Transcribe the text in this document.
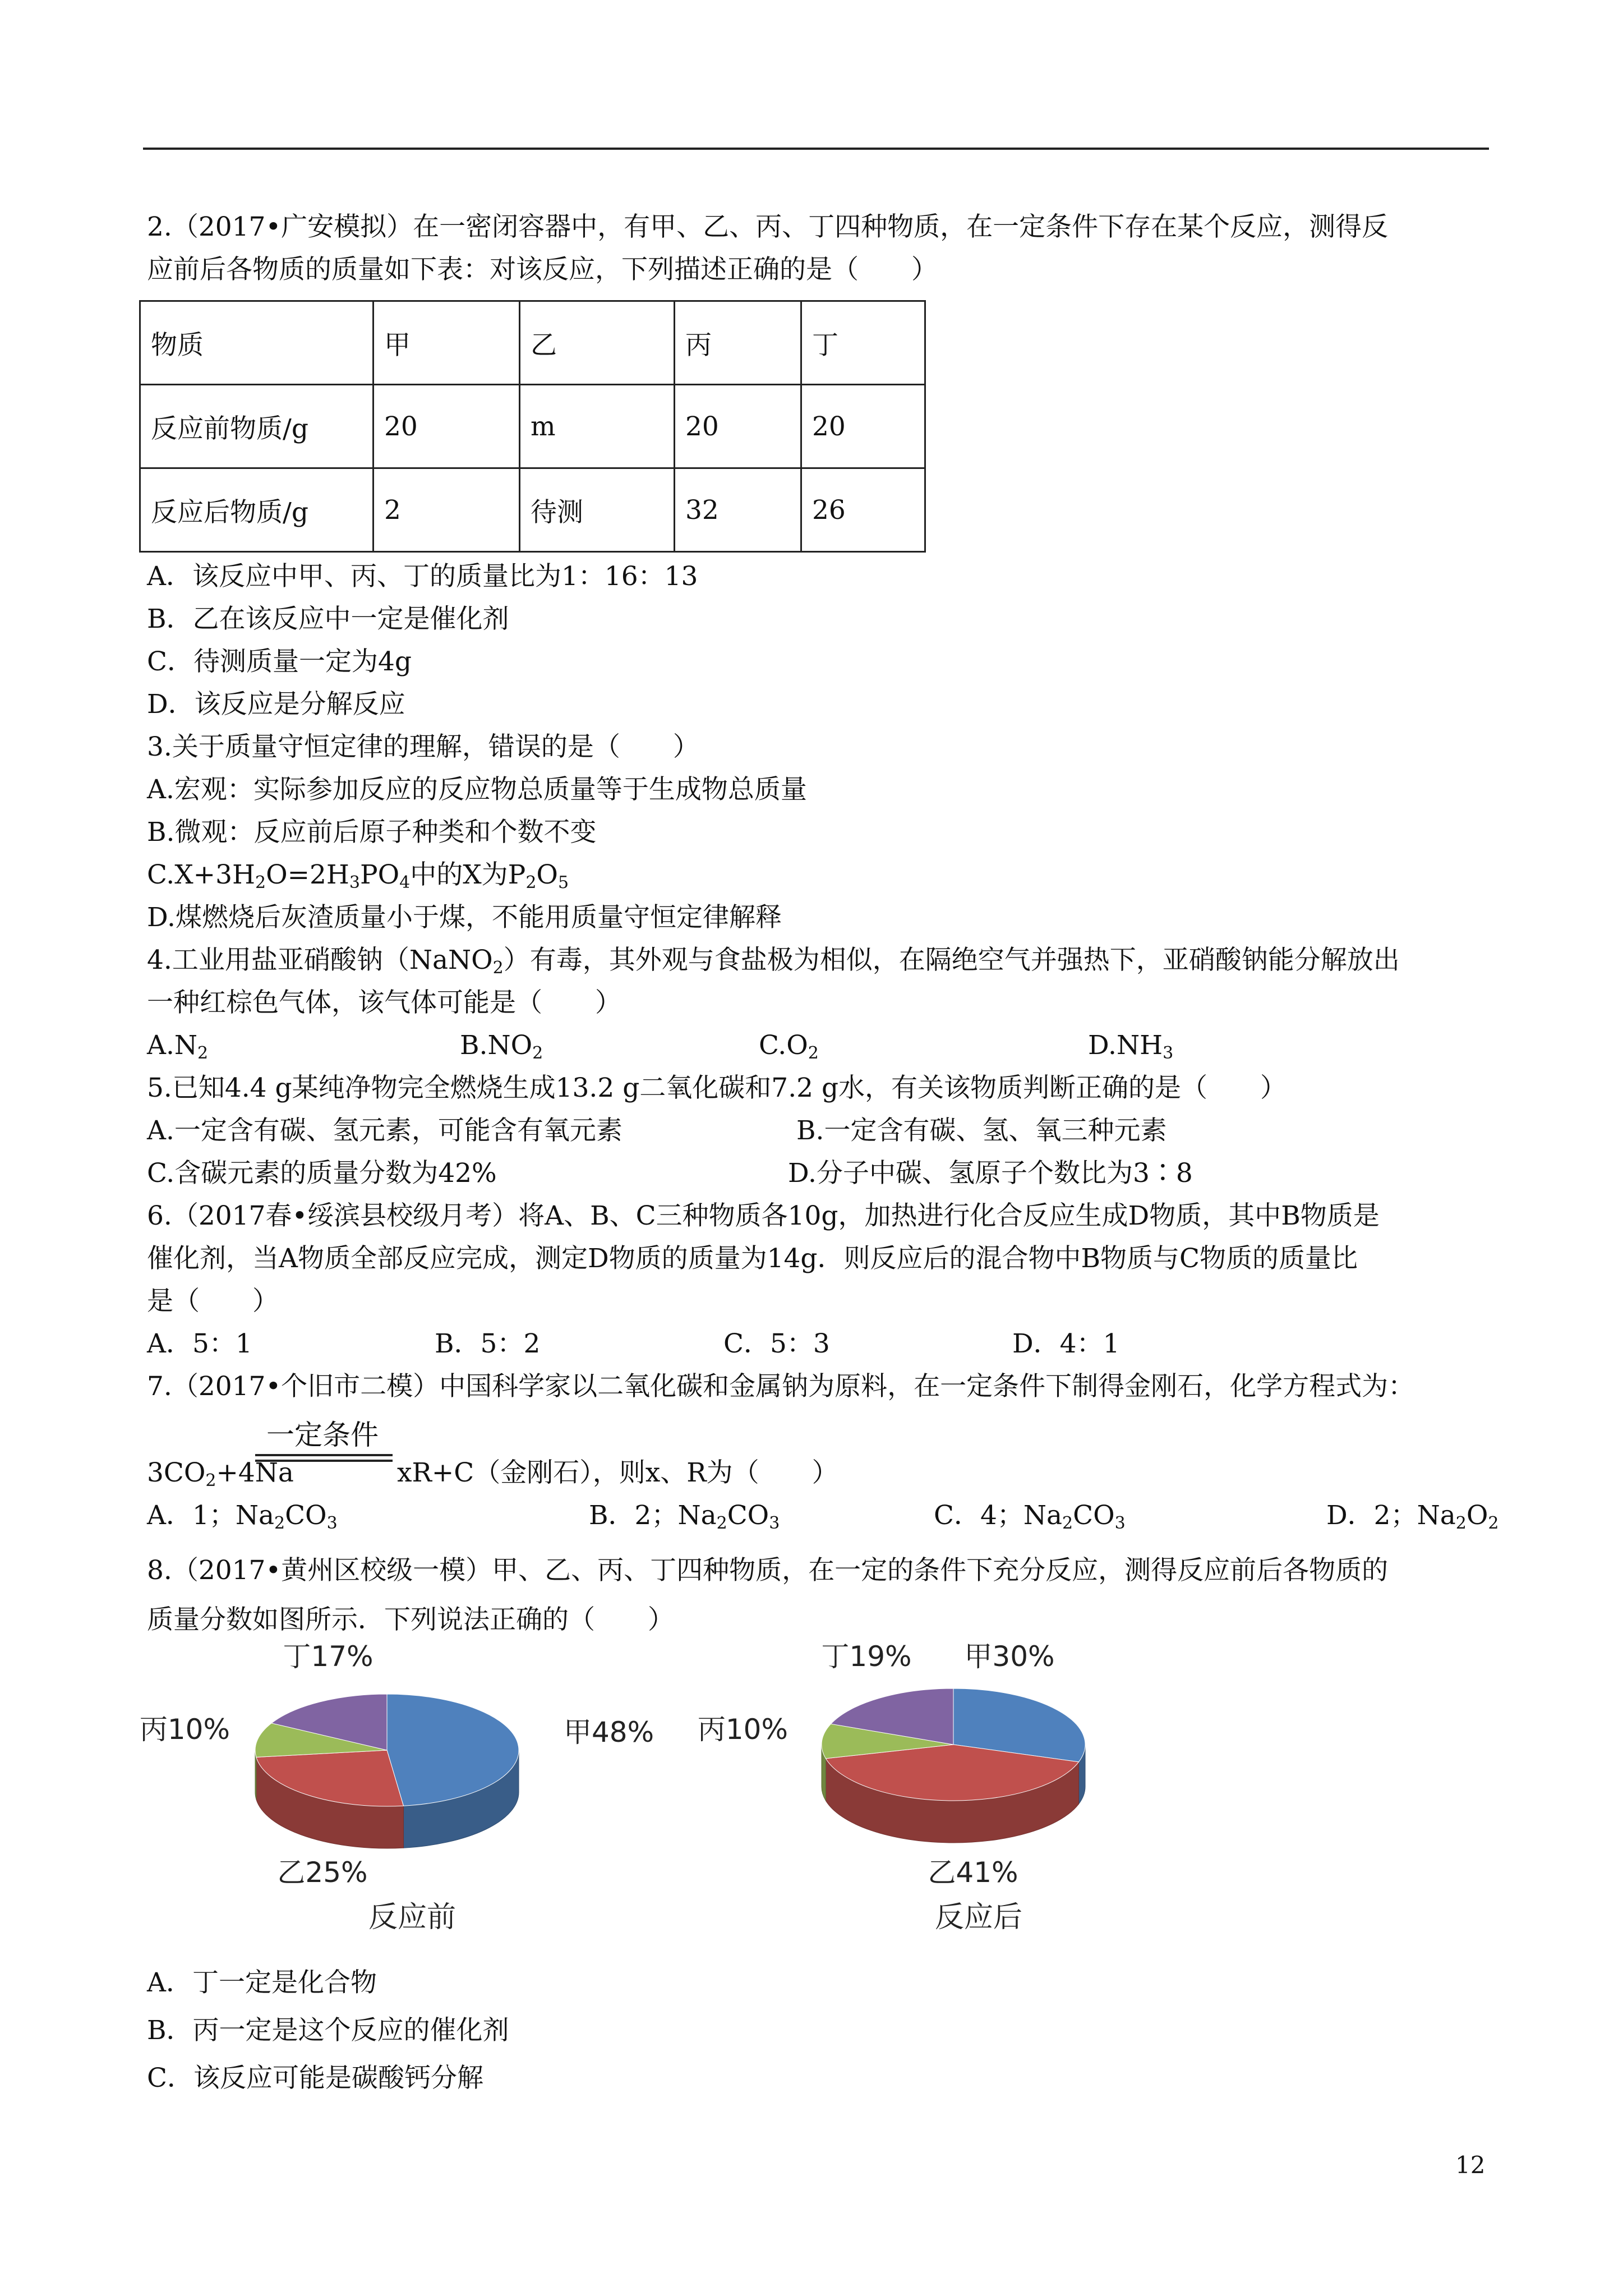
2.（2017•广安模拟）在一密闭容器中，有甲、乙、丙、丁四种物质，在一定条件下存在某个反应，测得反
应前后各物质的质量如下表：对该反应，下列描述正确的是（　　）
物质	甲	乙	丙	丁
反应前物质/g	20	m	20	20
反应后物质/g	2	待测	32	26
A．该反应中甲、丙、丁的质量比为1：16：13
B．乙在该反应中一定是催化剂
C．待测质量一定为4g
D．该反应是分解反应
3.关于质量守恒定律的理解，错误的是（　　）
A.宏观：实际参加反应的反应物总质量等于生成物总质量
B.微观：反应前后原子种类和个数不变
$C.X+3H_2O=2H_3PO_4$中的X为$P_2O_5$
D.煤燃烧后灰渣质量小于煤，不能用质量守恒定律解释
4.工业用盐亚硝酸钠（NaNO$_2$）有毒，其外观与食盐极为相似，在隔绝空气并强热下，亚硝酸钠能分解放出
一种红棕色气体，该气体可能是（　　）
$A.N_2$	$B.NO_2$	$C.O_2$	$D.NH_3$
5.已知4.4 g某纯净物完全燃烧生成13.2 g二氧化碳和7.2 g水，有关该物质判断正确的是（　　）
A.一定含有碳、氢元素，可能含有氧元素	B.一定含有碳、氢、氧三种元素
C.含碳元素的质量分数为42%	D.分子中碳、氢原子个数比为3∶8
6.（2017春•绥滨县校级月考）将A、B、C三种物质各10g，加热进行化合反应生成D物质，其中B物质是
催化剂，当A物质全部反应完成，测定D物质的质量为14g．则反应后的混合物中B物质与C物质的质量比
是（　　）
A．5：1	B．5：2	C．5：3	D．4：1
7.（2017•个旧市二模）中国科学家以二氧化碳和金属钠为原料，在一定条件下制得金刚石，化学方程式为：
一定条件
$3CO_2+4Na$	xR+C（金刚石），则x、R为（　　）
A．1；$Na_2CO_3$	B．2；$Na_2CO_3$	C．4；$Na_2CO_3$	D．2；$Na_2O_2$
8.（2017•黄州区校级一模）甲、乙、丙、丁四种物质，在一定的条件下充分反应，测得反应前后各物质的
质量分数如图所示．下列说法正确的（　　）
甲48%
乙25%
丙10%
丁17%
反应前
甲30%
乙41%
丙10%
丁19%
反应后
A．丁一定是化合物
B．丙一定是这个反应的催化剂
C．该反应可能是碳酸钙分解
12
